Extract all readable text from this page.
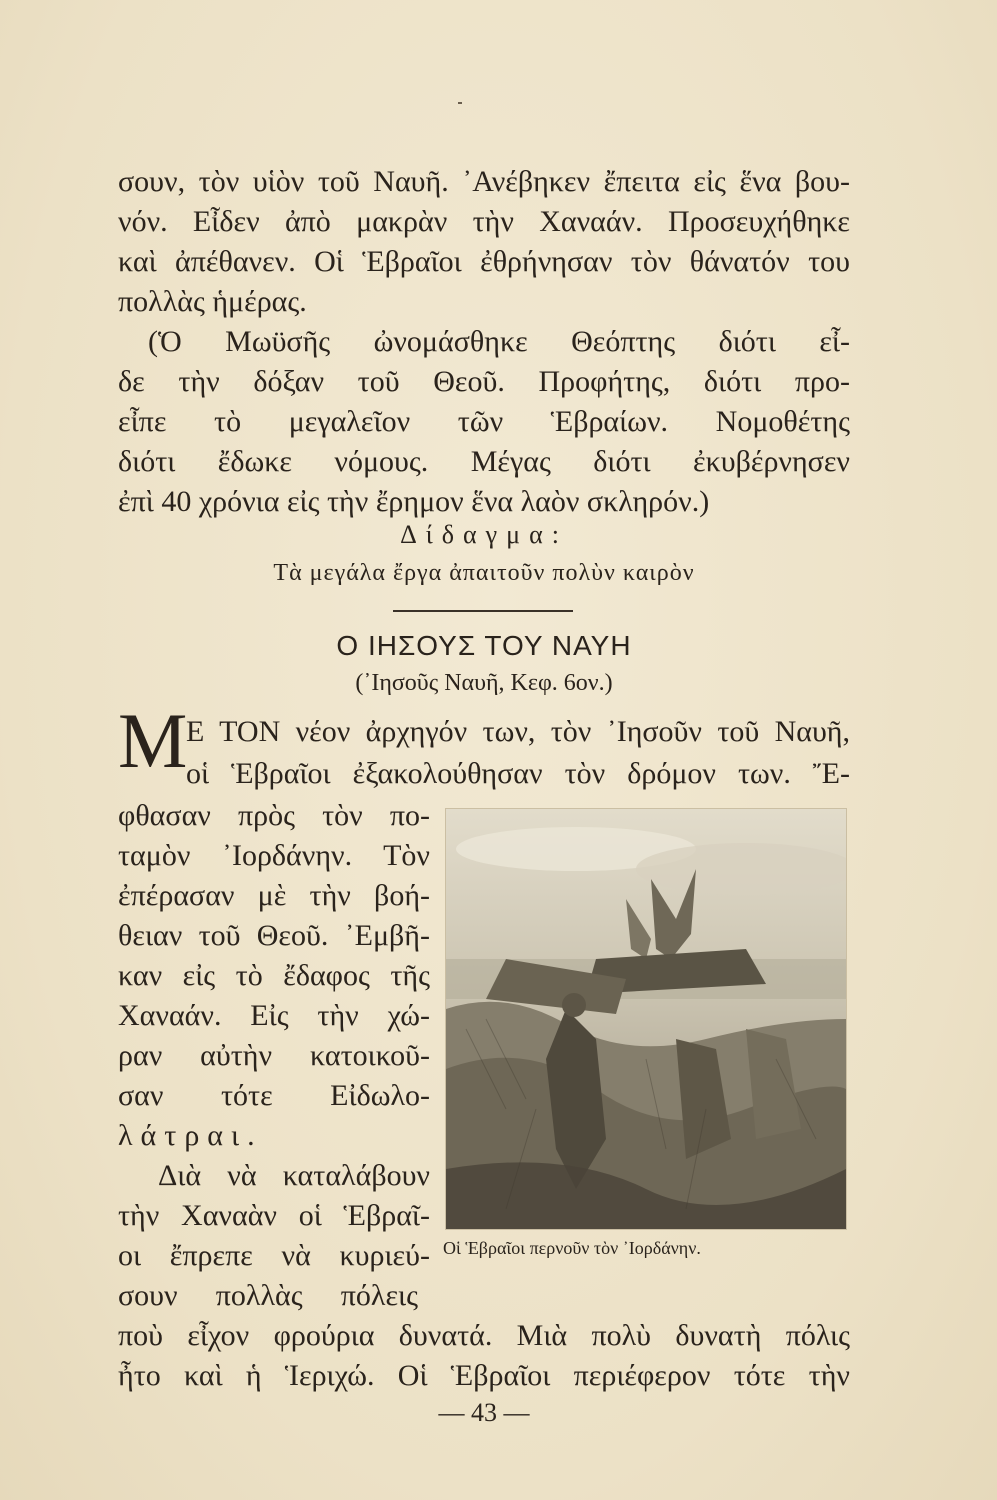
σουν, τὸν υἱὸν τοῦ Ναυῆ. ᾿Ανέβηκεν ἔπειτα εἰς ἕνα βου-
νόν. Εἶδεν ἀπὸ μακρὰν τὴν Χαναάν. Προσευχήθηκε
καὶ ἀπέθανεν. Οἱ Ἑβραῖοι ἐθρήνησαν τὸν θάνατόν του
πολλὰς ἡμέρας.
(Ὁ Μωϋσῆς ὠνομάσθηκε Θεόπτης διότι εἶ-
δε τὴν δόξαν τοῦ Θεοῦ. Προφήτης, διότι προ-
εἶπε τὸ μεγαλεῖον τῶν Ἑβραίων. Νομοθέτης
διότι ἔδωκε νόμους. Μέγας διότι ἐκυβέρνησεν
ἐπὶ 40 χρόνια εἰς τὴν ἔρημον ἕνα λαὸν σκληρόν.)
Δίδαγμα:
Τὰ μεγάλα ἔργα ἀπαιτοῦν πολὺν καιρὸν
Ο ΙΗΣΟΥΣ ΤΟΥ ΝΑΥΗ
(᾿Ιησοῦς Ναυῆ, Κεφ. 6ον.)
Μ
Ε ΤΟΝ νέον ἀρχηγόν των, τὸν ᾿Ιησοῦν τοῦ Ναυῆ,
οἱ Ἑβραῖοι ἐξακολούθησαν τὸν δρόμον των. Ἔ-
φθασαν πρὸς τὸν πο-
ταμὸν ᾿Ιορδάνην. Τὸν
ἐπέρασαν μὲ τὴν βοή-
θειαν τοῦ Θεοῦ. ᾿Εμβῆ-
καν εἰς τὸ ἔδαφος τῆς
Χαναάν. Εἰς τὴν χώ-
ραν αὐτὴν κατοικοῦ-
σαν τότε Εἰδωλο-
λάτραι.
Διὰ νὰ καταλάβουν
τὴν Χαναὰν οἱ Ἑβραῖ-
οι ἔπρεπε νὰ κυριεύ-
σουν πολλὰς πόλεις
Οἱ Ἑβραῖοι περνοῦν τὸν ᾿Ιορδάνην.
ποὺ εἶχον φρούρια δυνατά. Μιὰ πολὺ δυνατὴ πόλις
ἦτο καὶ ἡ Ἱεριχώ. Οἱ Ἑβραῖοι περιέφερον τότε τὴν
— 43 —
